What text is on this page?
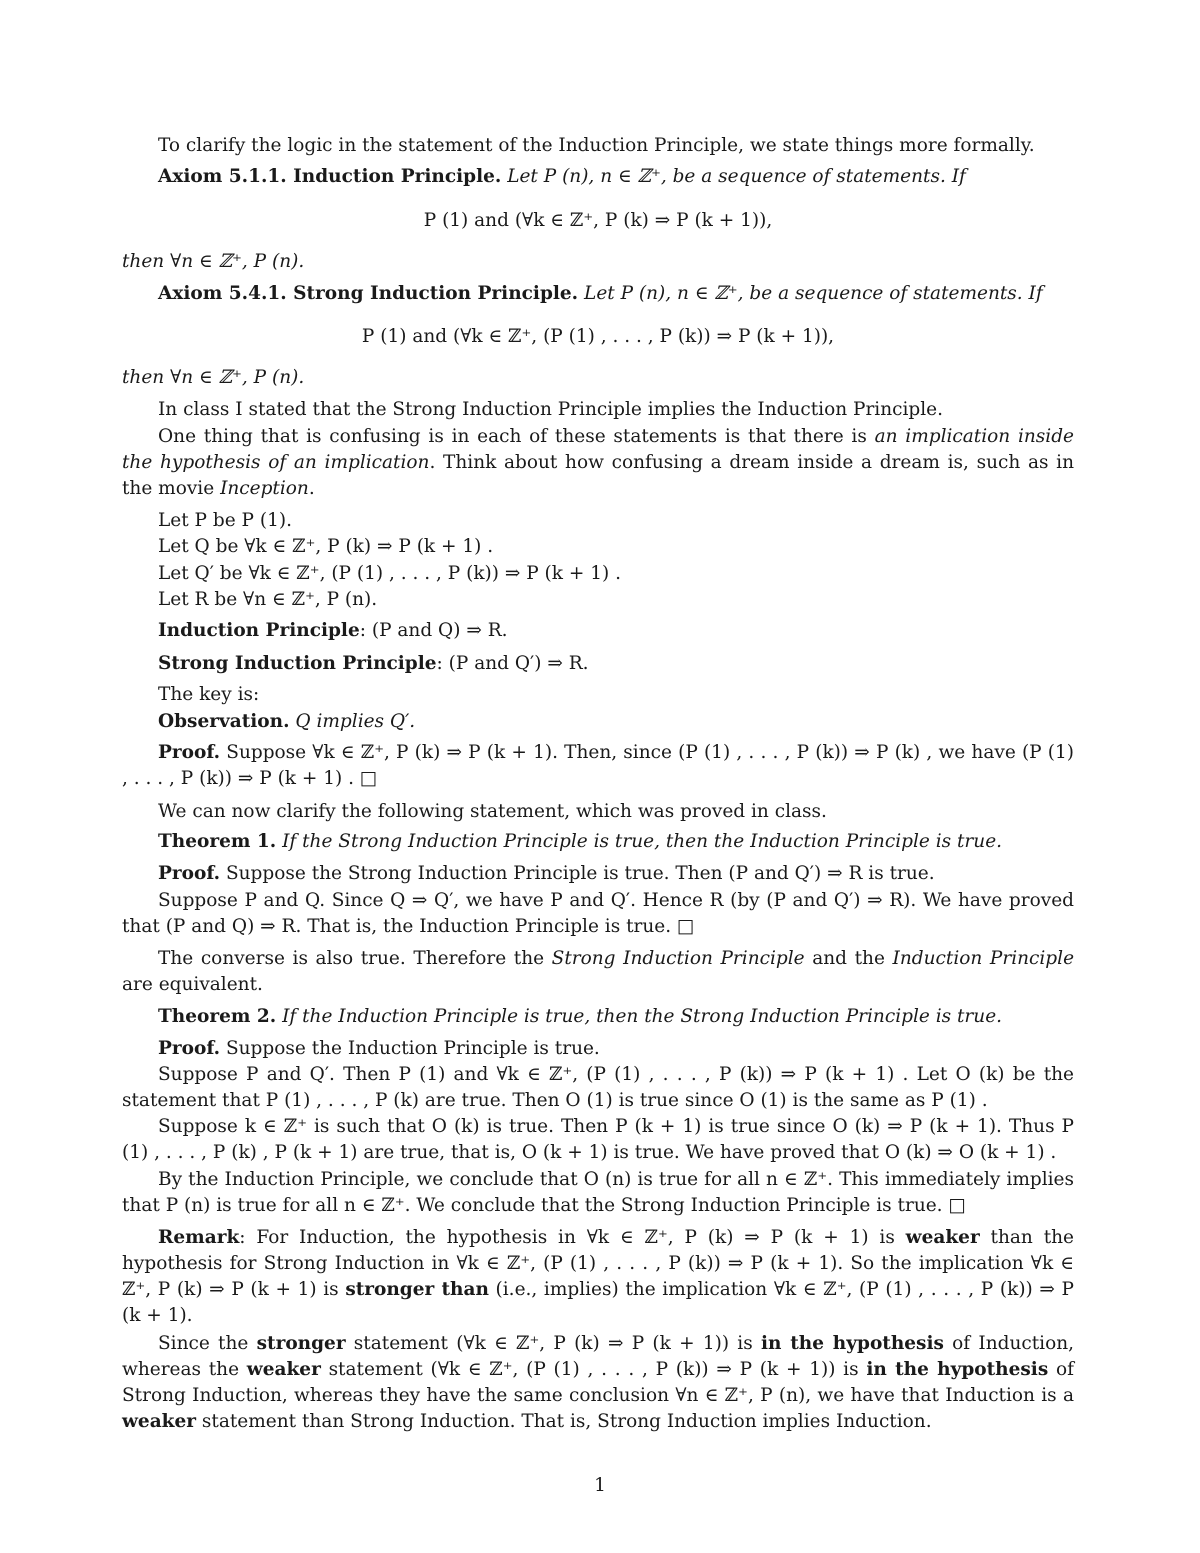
To clarify the logic in the statement of the Induction Principle, we state things more formally.
Axiom 5.1.1. Induction Principle. Let P (n), n ∈ ℤ⁺, be a sequence of statements. If
P (1) and (∀k ∈ ℤ⁺, P (k) ⇒ P (k + 1)),
then ∀n ∈ ℤ⁺, P (n).
Axiom 5.4.1. Strong Induction Principle. Let P (n), n ∈ ℤ⁺, be a sequence of statements. If
P (1) and (∀k ∈ ℤ⁺, (P (1) , . . . , P (k)) ⇒ P (k + 1)),
then ∀n ∈ ℤ⁺, P (n).
In class I stated that the Strong Induction Principle implies the Induction Principle.
One thing that is confusing is in each of these statements is that there is an implication inside the hypothesis of an implication. Think about how confusing a dream inside a dream is, such as in the movie Inception.
Let P be P (1).
Let Q be ∀k ∈ ℤ⁺, P (k) ⇒ P (k + 1) .
Let Q′ be ∀k ∈ ℤ⁺, (P (1) , . . . , P (k)) ⇒ P (k + 1) .
Let R be ∀n ∈ ℤ⁺, P (n).
Induction Principle: (P and Q) ⇒ R.
Strong Induction Principle: (P and Q′) ⇒ R.
The key is:
Observation. Q implies Q′.
Proof. Suppose ∀k ∈ ℤ⁺, P (k) ⇒ P (k + 1). Then, since (P (1) , . . . , P (k)) ⇒ P (k) , we have (P (1) , . . . , P (k)) ⇒ P (k + 1) . □
We can now clarify the following statement, which was proved in class.
Theorem 1. If the Strong Induction Principle is true, then the Induction Principle is true.
Proof. Suppose the Strong Induction Principle is true. Then (P and Q′) ⇒ R is true.
Suppose P and Q. Since Q ⇒ Q′, we have P and Q′. Hence R (by (P and Q′) ⇒ R). We have proved that (P and Q) ⇒ R. That is, the Induction Principle is true. □
The converse is also true. Therefore the Strong Induction Principle and the Induction Principle are equivalent.
Theorem 2. If the Induction Principle is true, then the Strong Induction Principle is true.
Proof. Suppose the Induction Principle is true.
Suppose P and Q′. Then P (1) and ∀k ∈ ℤ⁺, (P (1) , . . . , P (k)) ⇒ P (k + 1) . Let O (k) be the statement that P (1) , . . . , P (k) are true. Then O (1) is true since O (1) is the same as P (1) .
Suppose k ∈ ℤ⁺ is such that O (k) is true. Then P (k + 1) is true since O (k) ⇒ P (k + 1). Thus P (1) , . . . , P (k) , P (k + 1) are true, that is, O (k + 1) is true. We have proved that O (k) ⇒ O (k + 1) .
By the Induction Principle, we conclude that O (n) is true for all n ∈ ℤ⁺. This immediately implies that P (n) is true for all n ∈ ℤ⁺. We conclude that the Strong Induction Principle is true. □
Remark: For Induction, the hypothesis in ∀k ∈ ℤ⁺, P (k) ⇒ P (k + 1) is weaker than the hypothesis for Strong Induction in ∀k ∈ ℤ⁺, (P (1) , . . . , P (k)) ⇒ P (k + 1). So the implication ∀k ∈ ℤ⁺, P (k) ⇒ P (k + 1) is stronger than (i.e., implies) the implication ∀k ∈ ℤ⁺, (P (1) , . . . , P (k)) ⇒ P (k + 1).
Since the stronger statement (∀k ∈ ℤ⁺, P (k) ⇒ P (k + 1)) is in the hypothesis of Induction, whereas the weaker statement (∀k ∈ ℤ⁺, (P (1) , . . . , P (k)) ⇒ P (k + 1)) is in the hypothesis of Strong Induction, whereas they have the same conclusion ∀n ∈ ℤ⁺, P (n), we have that Induction is a weaker statement than Strong Induction. That is, Strong Induction implies Induction.
1
